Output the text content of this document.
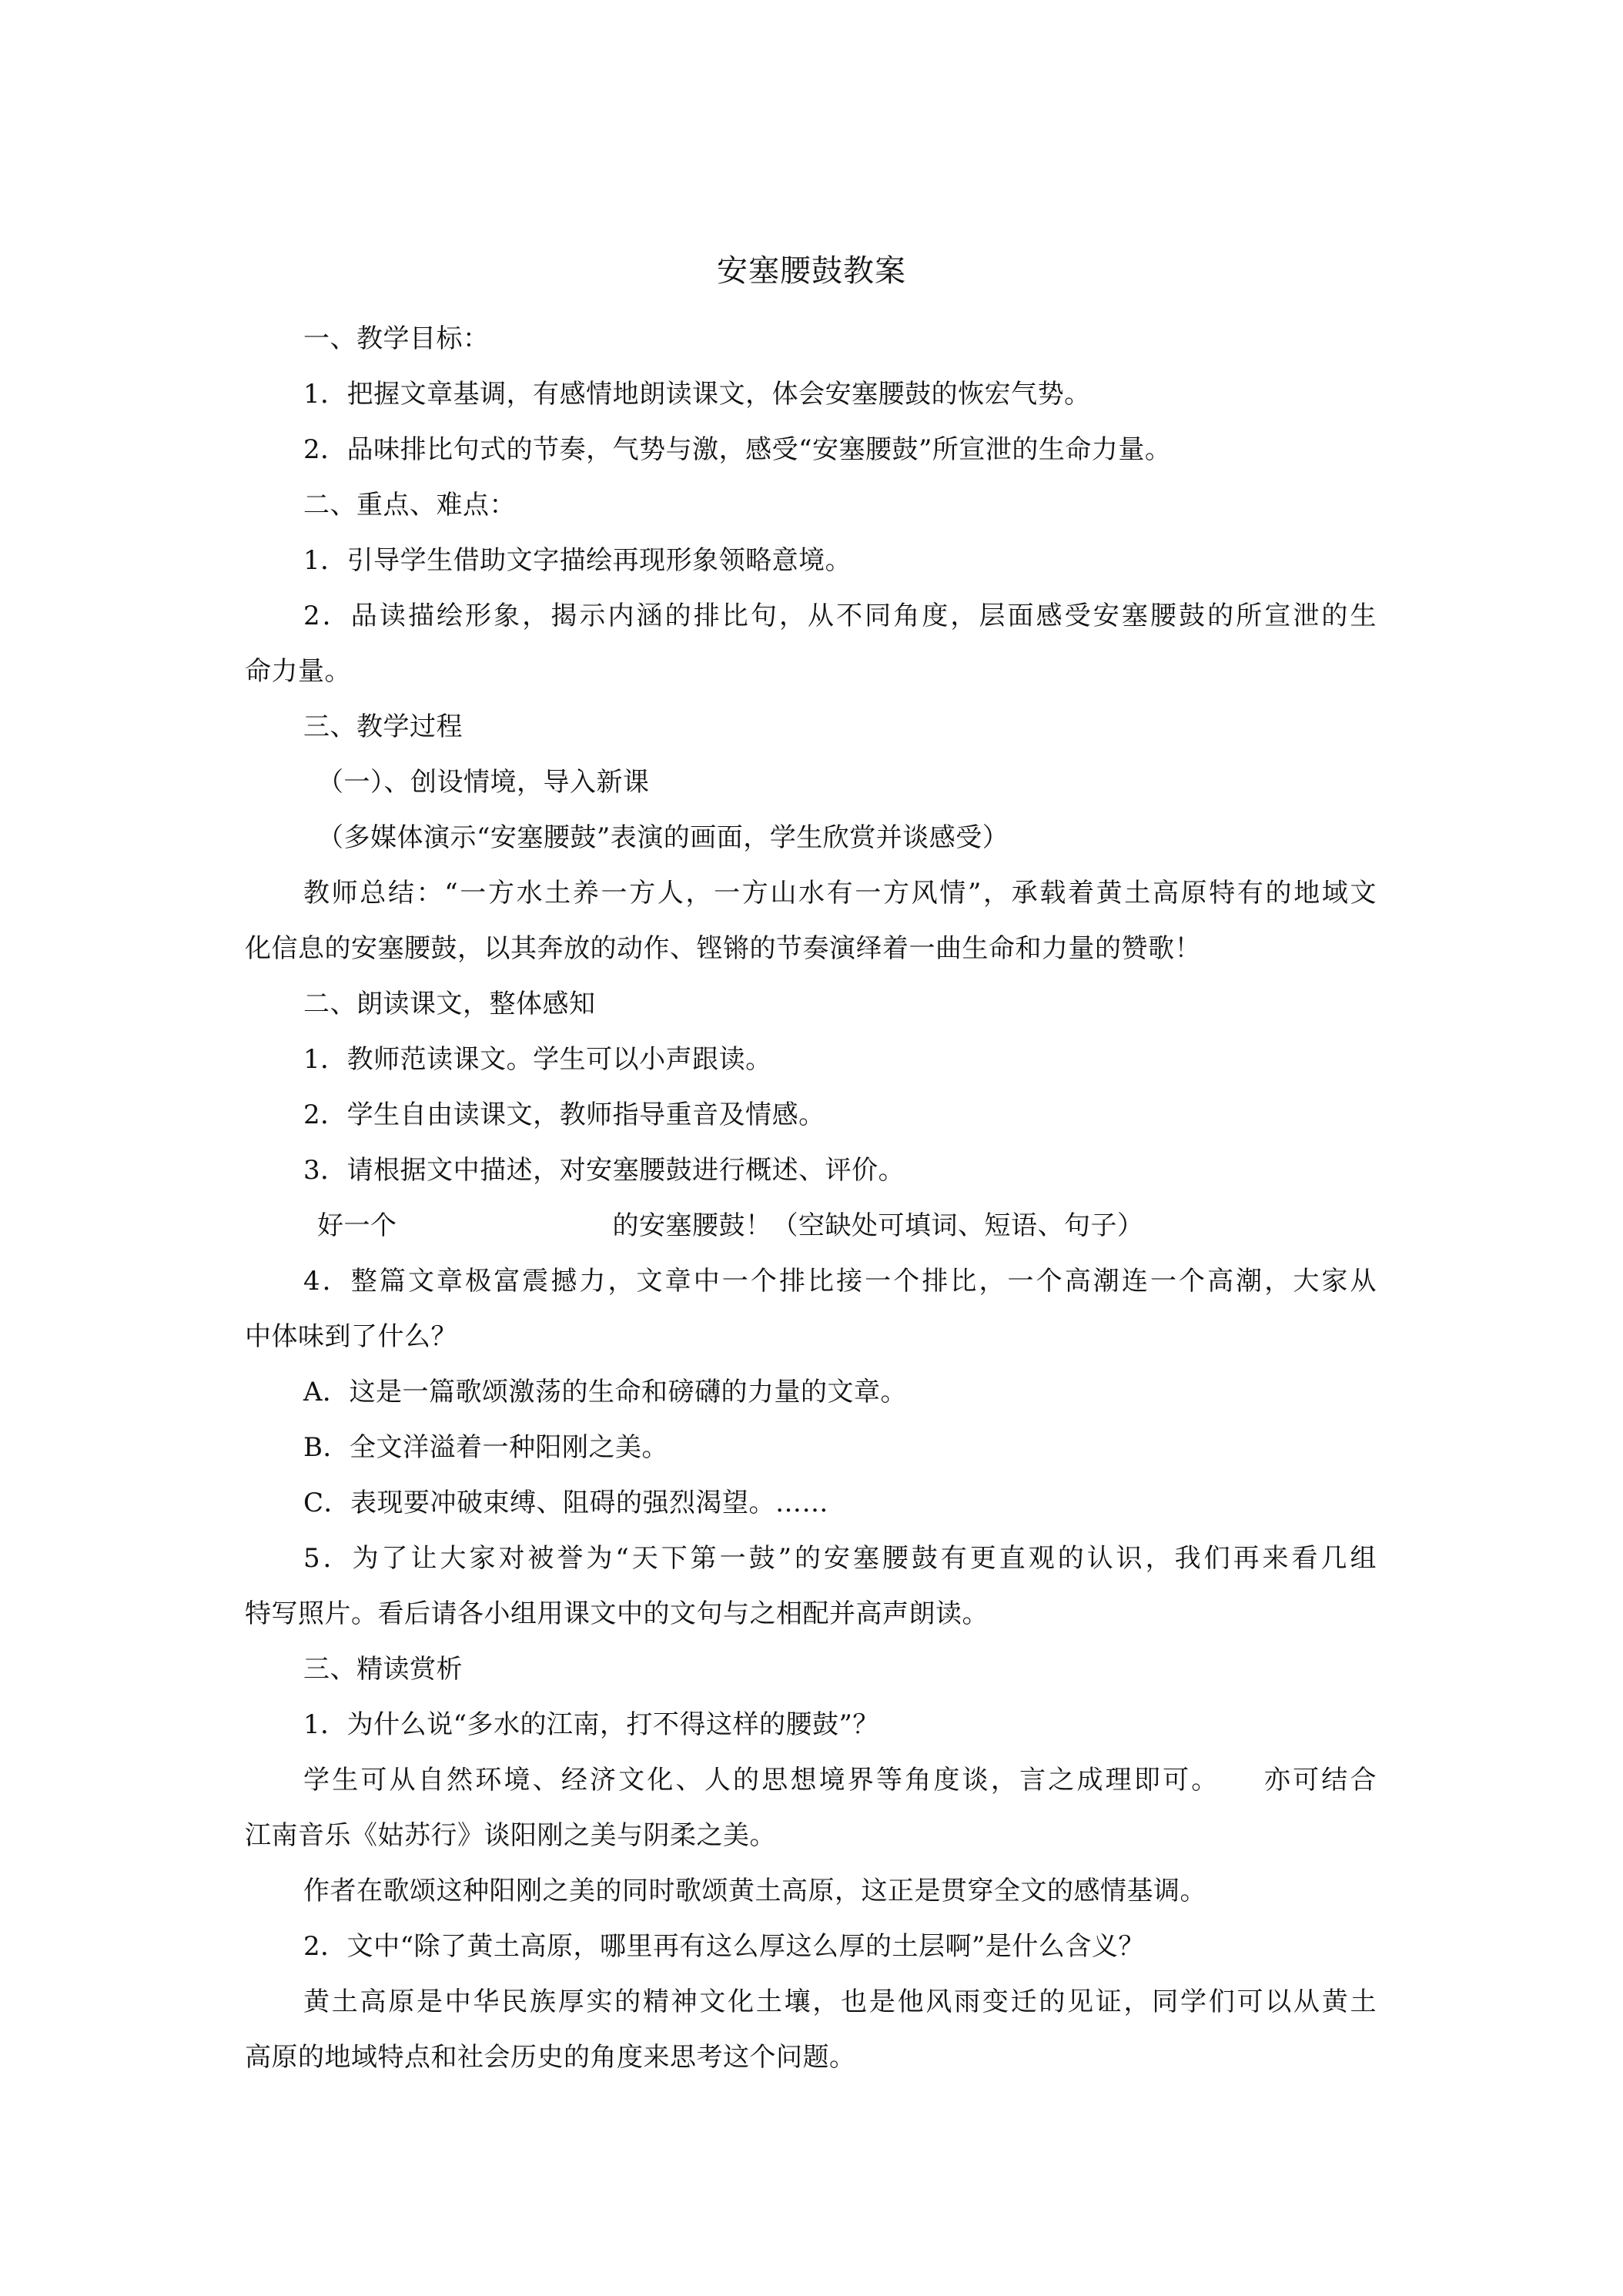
安塞腰鼓教案
一、教学目标：
1．把握文章基调，有感情地朗读课文，体会安塞腰鼓的恢宏气势。
2．品味排比句式的节奏，气势与激，感受“安塞腰鼓”所宣泄的生命力量。
二、重点、难点：
1．引导学生借助文字描绘再现形象领略意境。
2．品读描绘形象，揭示内涵的排比句，从不同角度，层面感受安塞腰鼓的所宣泄的生
命力量。
三、教学过程
（一）、创设情境，导入新课
（多媒体演示“安塞腰鼓”表演的画面，学生欣赏并谈感受）
教师总结：“一方水土养一方人，一方山水有一方风情”，承载着黄土高原特有的地域文
化信息的安塞腰鼓，以其奔放的动作、铿锵的节奏演绎着一曲生命和力量的赞歌！
二、朗读课文，整体感知
1．教师范读课文。学生可以小声跟读。
2．学生自由读课文，教师指导重音及情感。
3．请根据文中描述，对安塞腰鼓进行概述、评价。
好一个	的安塞腰鼓！（空缺处可填词、短语、句子）
4．整篇文章极富震撼力，文章中一个排比接一个排比，一个高潮连一个高潮，大家从
中体味到了什么？
A．这是一篇歌颂激荡的生命和磅礴的力量的文章。
B．全文洋溢着一种阳刚之美。
C．表现要冲破束缚、阻碍的强烈渴望。……
5．为了让大家对被誉为“天下第一鼓”的安塞腰鼓有更直观的认识，我们再来看几组
特写照片。看后请各小组用课文中的文句与之相配并高声朗读。
三、精读赏析
1．为什么说“多水的江南，打不得这样的腰鼓”？
学生可从自然环境、经济文化、人的思想境界等角度谈，言之成理即可。　　亦可结合
江南音乐《姑苏行》谈阳刚之美与阴柔之美。
作者在歌颂这种阳刚之美的同时歌颂黄土高原，这正是贯穿全文的感情基调。
2．文中“除了黄土高原，哪里再有这么厚这么厚的土层啊”是什么含义？
黄土高原是中华民族厚实的精神文化土壤，也是他风雨变迁的见证，同学们可以从黄土
高原的地域特点和社会历史的角度来思考这个问题。
